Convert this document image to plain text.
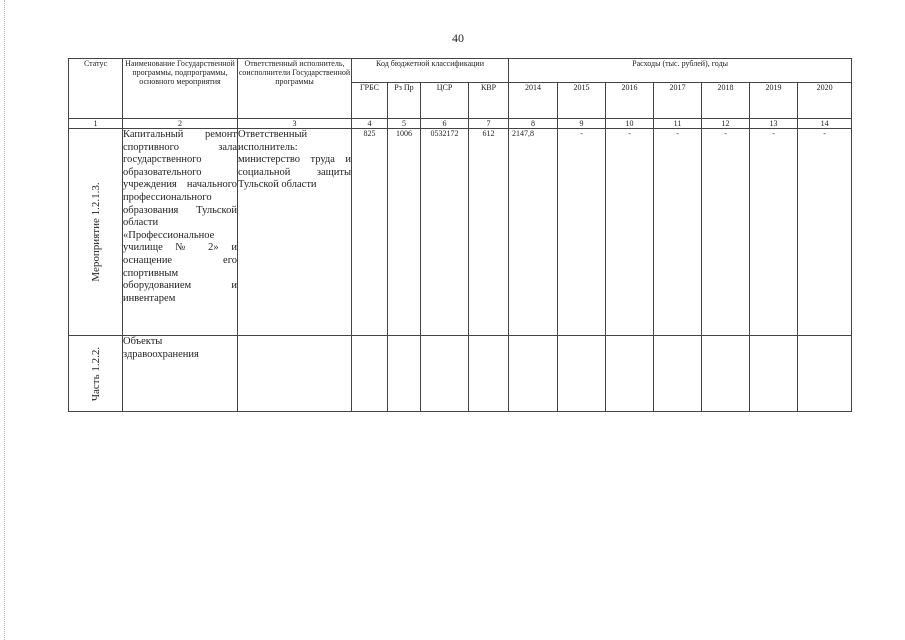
40
Статус	Наименование Государственной программы, подпрограммы, основного мероприятия	Ответственный исполнитель, соисполнители Государственной программы	Код бюджетной классификации				Расходы (тыс. рублей), годы						
			ГРБС	Рз Пр	ЦСР	КВР	2014	2015	2016	2017	2018	2019	2020
1	2	3	4	5	6	7	8	9	10	11	12	13	14

Мероприятие 1.2.1.3.	Капитальный ремонт спортивного зала государственного образовательного учреждения начального профессионального образования Тульской области «Профессиональное училище № 2» и оснащение его спортивным оборудованием и инвентарем	Ответственный исполнитель: министерство труда и социальной защиты Тульской области	825	1006	0532172	612	2147,8	-	-	-	-	-	-

Часть 1.2.2.	Объекты здравоохранения												
